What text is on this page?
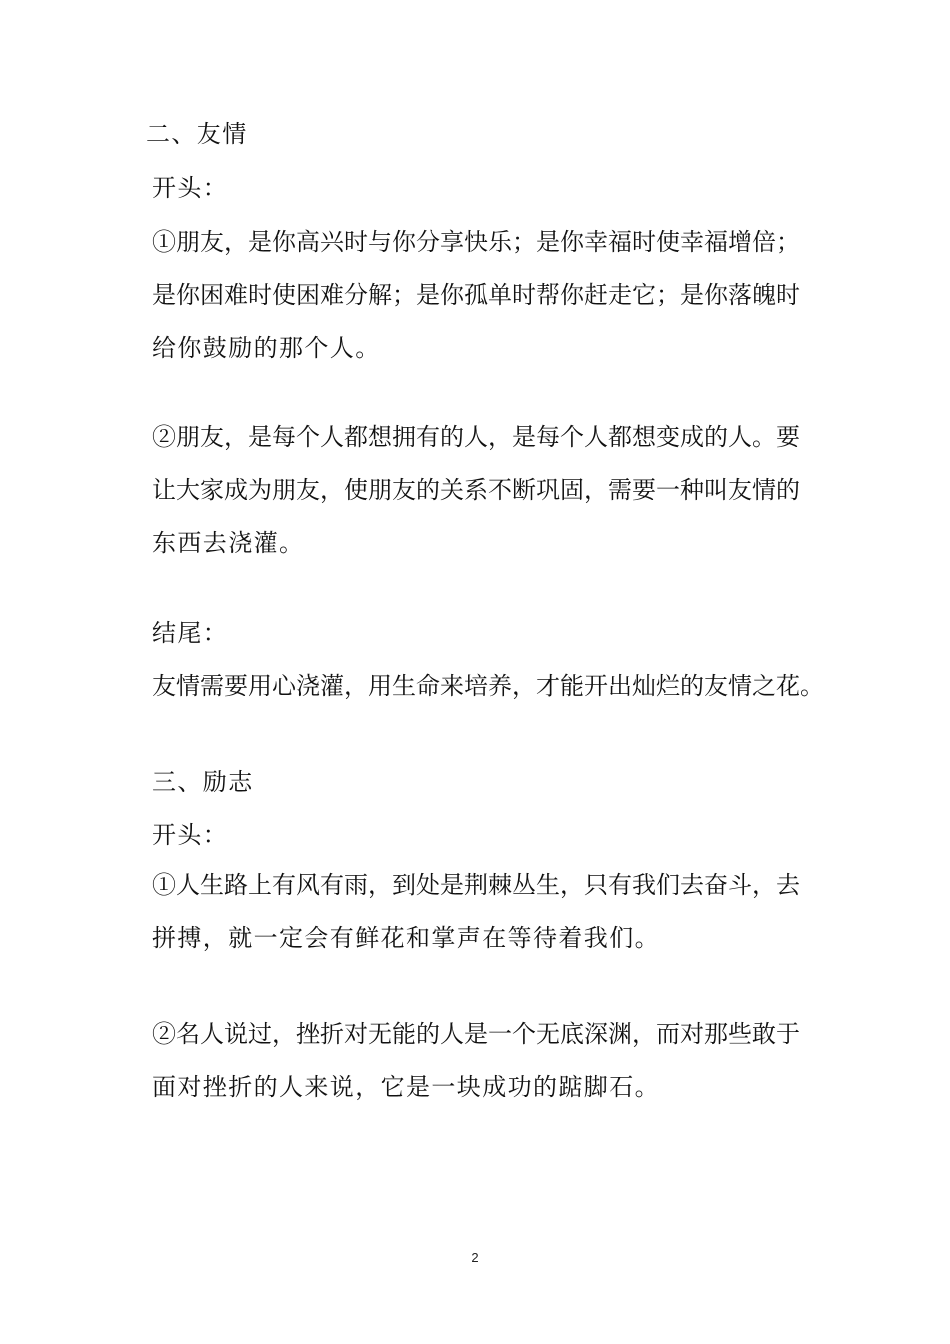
二、友情
开头：
①朋友，是你高兴时与你分享快乐；是你幸福时使幸福增倍；
是你困难时使困难分解；是你孤单时帮你赶走它；是你落魄时
给你鼓励的那个人。
②朋友，是每个人都想拥有的人，是每个人都想变成的人。要
让大家成为朋友，使朋友的关系不断巩固，需要一种叫友情的
东西去浇灌。
结尾：
友情需要用心浇灌，用生命来培养，才能开出灿烂的友情之花。
三、励志
开头：
①人生路上有风有雨，到处是荆棘丛生，只有我们去奋斗，去
拼搏，就一定会有鲜花和掌声在等待着我们。
②名人说过，挫折对无能的人是一个无底深渊，而对那些敢于
面对挫折的人来说，它是一块成功的踮脚石。
2
